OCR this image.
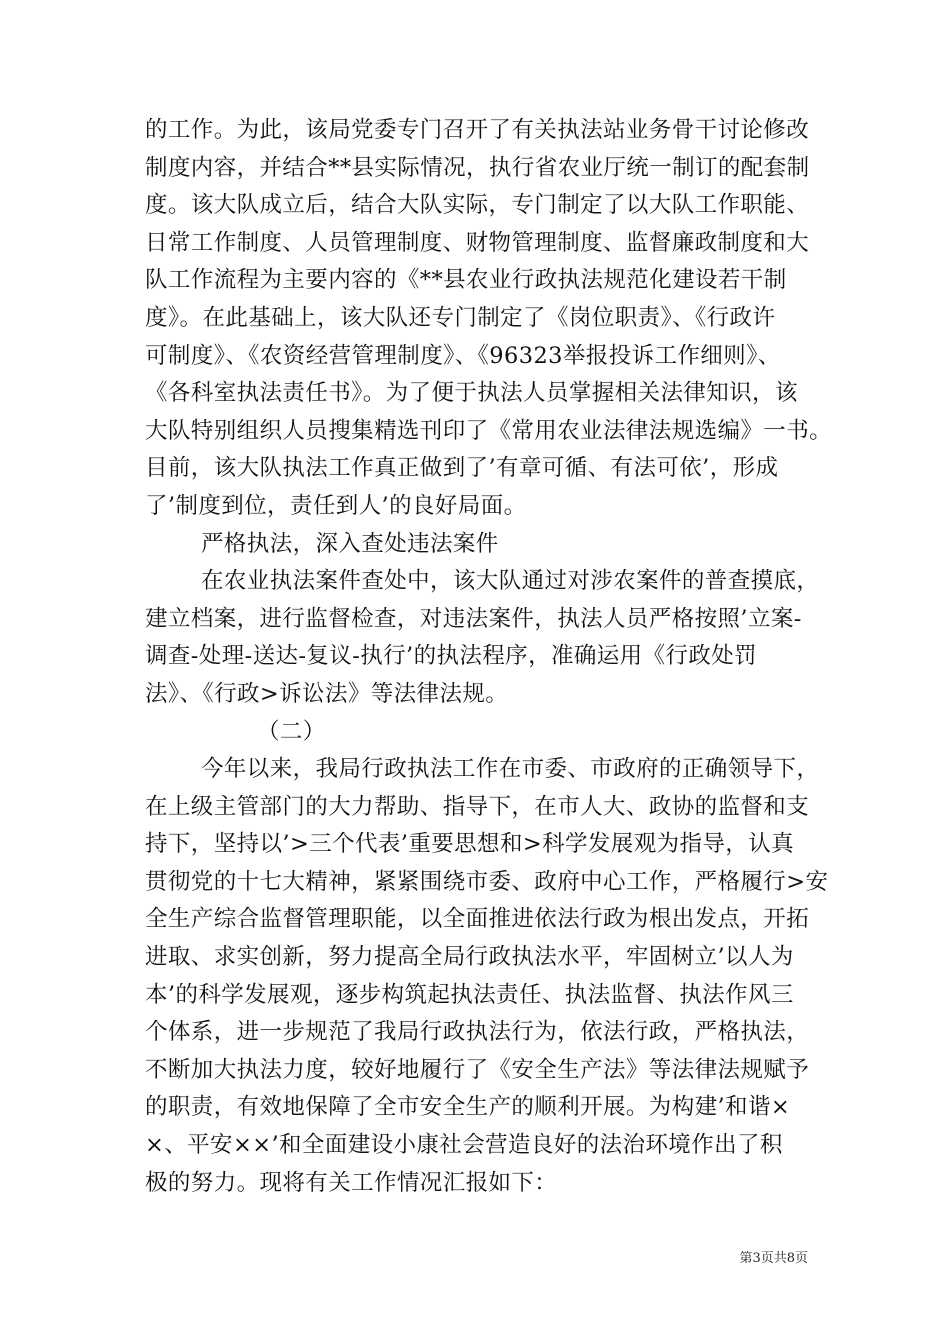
的工作。为此，该局党委专门召开了有关执法站业务骨干讨论修改
制度内容，并结合**县实际情况，执行省农业厅统一制订的配套制
度。该大队成立后，结合大队实际，专门制定了以大队工作职能、
日常工作制度、人员管理制度、财物管理制度、监督廉政制度和大
队工作流程为主要内容的《**县农业行政执法规范化建设若干制
度》。在此基础上，该大队还专门制定了《岗位职责》、《行政许
可制度》、《农资经营管理制度》、《96323举报投诉工作细则》、
《各科室执法责任书》。为了便于执法人员掌握相关法律知识，该
大队特别组织人员搜集精选刊印了《常用农业法律法规选编》一书。
目前，该大队执法工作真正做到了’有章可循、有法可依’，形成
了’制度到位，责任到人’的良好局面。
严格执法，深入查处违法案件
在农业执法案件查处中，该大队通过对涉农案件的普查摸底，
建立档案，进行监督检查，对违法案件，执法人员严格按照’立案-
调查-处理-送达-复议-执行’的执法程序，准确运用《行政处罚
法》、《行政>诉讼法》等法律法规。
（二）
今年以来，我局行政执法工作在市委、市政府的正确领导下，
在上级主管部门的大力帮助、指导下，在市人大、政协的监督和支
持下，坚持以’>三个代表’重要思想和>科学发展观为指导，认真
贯彻党的十七大精神，紧紧围绕市委、政府中心工作，严格履行>安
全生产综合监督管理职能，以全面推进依法行政为根出发点，开拓
进取、求实创新，努力提高全局行政执法水平，牢固树立’以人为
本’的科学发展观，逐步构筑起执法责任、执法监督、执法作风三
个体系，进一步规范了我局行政执法行为，依法行政，严格执法，
不断加大执法力度，较好地履行了《安全生产法》等法律法规赋予
的职责，有效地保障了全市安全生产的顺利开展。为构建’和谐×
×、平安××’和全面建设小康社会营造良好的法治环境作出了积
极的努力。现将有关工作情况汇报如下：
第3页共8页
